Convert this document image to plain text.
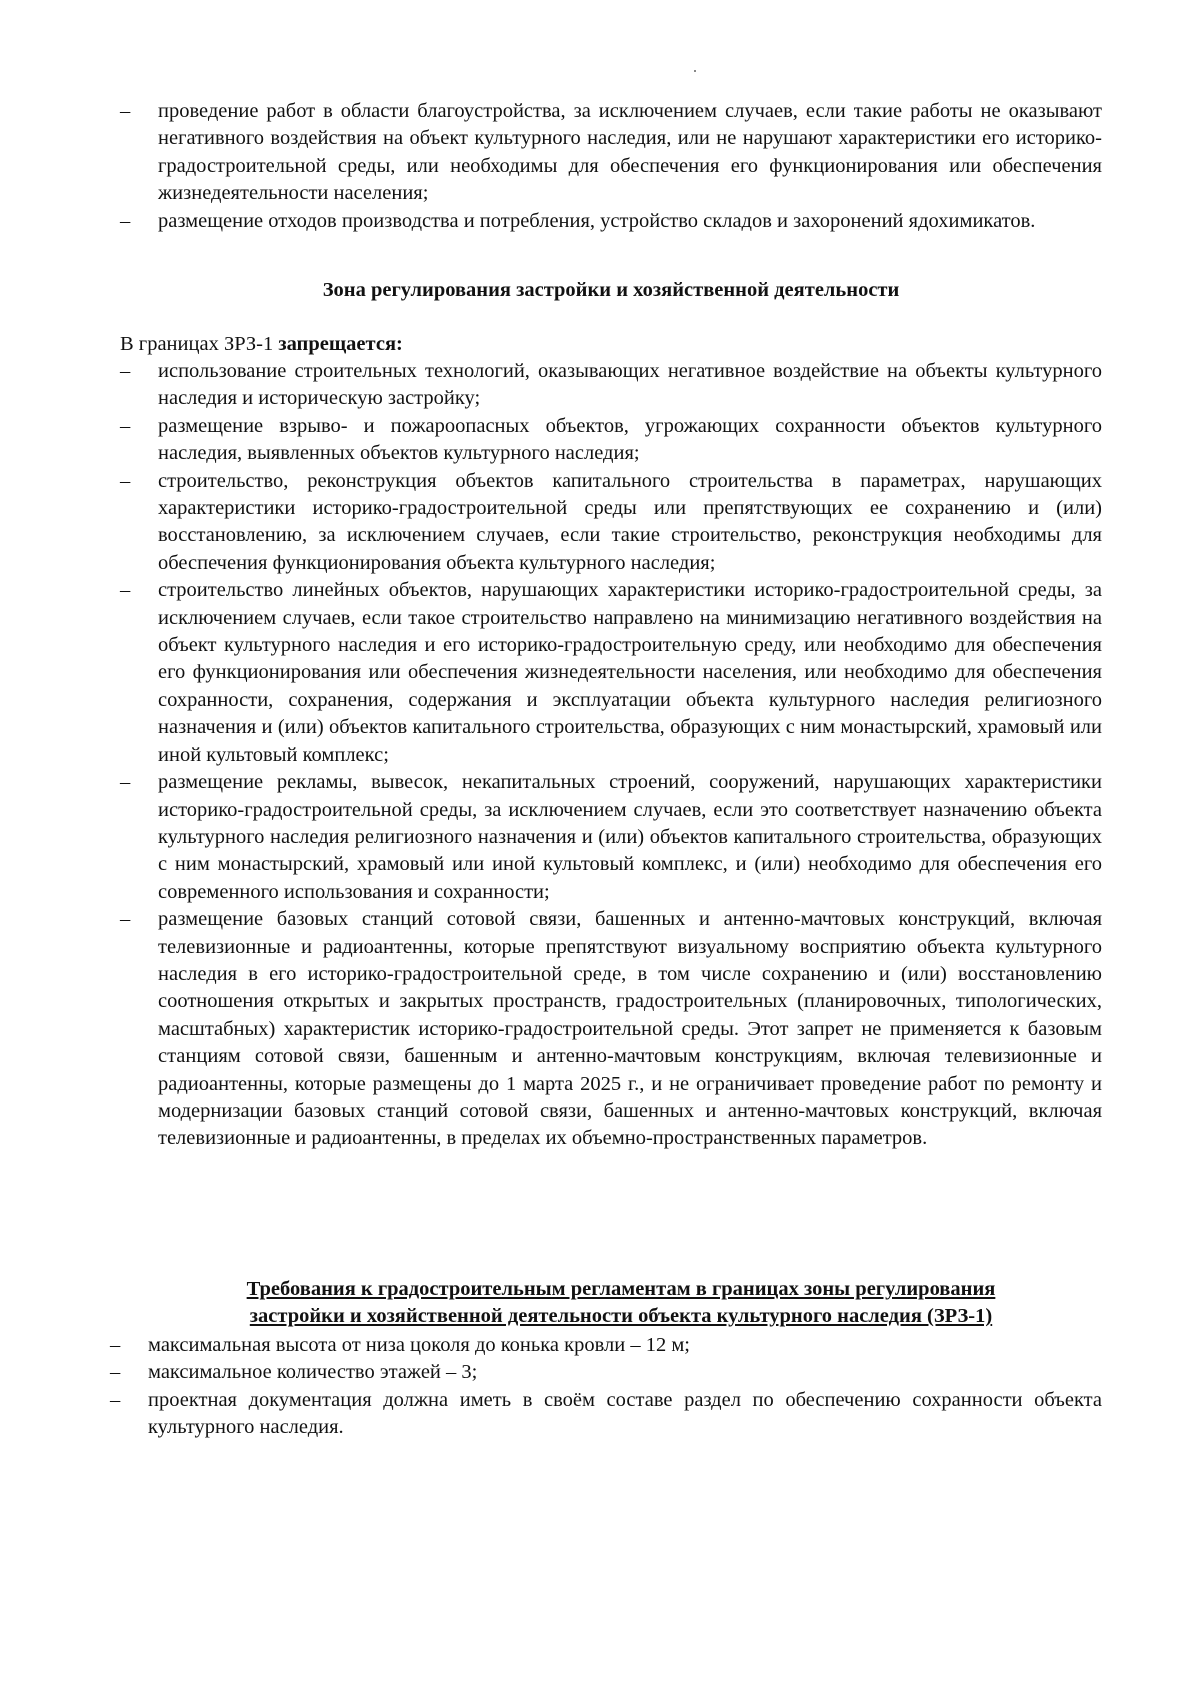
– проведение работ в области благоустройства, за исключением случаев, если такие работы не оказывают негативного воздействия на объект культурного наследия, или не нарушают характеристики его историко-градостроительной среды, или необходимы для обеспечения его функционирования или обеспечения жизнедеятельности населения;
– размещение отходов производства и потребления, устройство складов и захоронений ядохимикатов.
Зона регулирования застройки и хозяйственной деятельности
В границах ЗРЗ-1 запрещается:
– использование строительных технологий, оказывающих негативное воздействие на объекты культурного наследия и историческую застройку;
– размещение взрыво- и пожароопасных объектов, угрожающих сохранности объектов культурного наследия, выявленных объектов культурного наследия;
– строительство, реконструкция объектов капитального строительства в параметрах, нарушающих характеристики историко-градостроительной среды или препятствующих ее сохранению и (или) восстановлению, за исключением случаев, если такие строительство, реконструкция необходимы для обеспечения функционирования объекта культурного наследия;
– строительство линейных объектов, нарушающих характеристики историко-градостроительной среды, за исключением случаев, если такое строительство направлено на минимизацию негативного воздействия на объект культурного наследия и его историко-градостроительную среду, или необходимо для обеспечения его функционирования или обеспечения жизнедеятельности населения, или необходимо для обеспечения сохранности, сохранения, содержания и эксплуатации объекта культурного наследия религиозного назначения и (или) объектов капитального строительства, образующих с ним монастырский, храмовый или иной культовый комплекс;
– размещение рекламы, вывесок, некапитальных строений, сооружений, нарушающих характеристики историко-градостроительной среды, за исключением случаев, если это соответствует назначению объекта культурного наследия религиозного назначения и (или) объектов капитального строительства, образующих с ним монастырский, храмовый или иной культовый комплекс, и (или) необходимо для обеспечения его современного использования и сохранности;
– размещение базовых станций сотовой связи, башенных и антенно-мачтовых конструкций, включая телевизионные и радиоантенны, которые препятствуют визуальному восприятию объекта культурного наследия в его историко-градостроительной среде, в том числе сохранению и (или) восстановлению соотношения открытых и закрытых пространств, градостроительных (планировочных, типологических, масштабных) характеристик историко-градостроительной среды. Этот запрет не применяется к базовым станциям сотовой связи, башенным и антенно-мачтовым конструкциям, включая телевизионные и радиоантенны, которые размещены до 1 марта 2025 г., и не ограничивает проведение работ по ремонту и модернизации базовых станций сотовой связи, башенных и антенно-мачтовых конструкций, включая телевизионные и радиоантенны, в пределах их объемно-пространственных параметров.
Требования к градостроительным регламентам в границах зоны регулирования
застройки и хозяйственной деятельности объекта культурного наследия (ЗРЗ-1)
– максимальная высота от низа цоколя до конька кровли – 12 м;
– максимальное количество этажей – 3;
– проектная документация должна иметь в своём составе раздел по обеспечению сохранности объекта культурного наследия.
